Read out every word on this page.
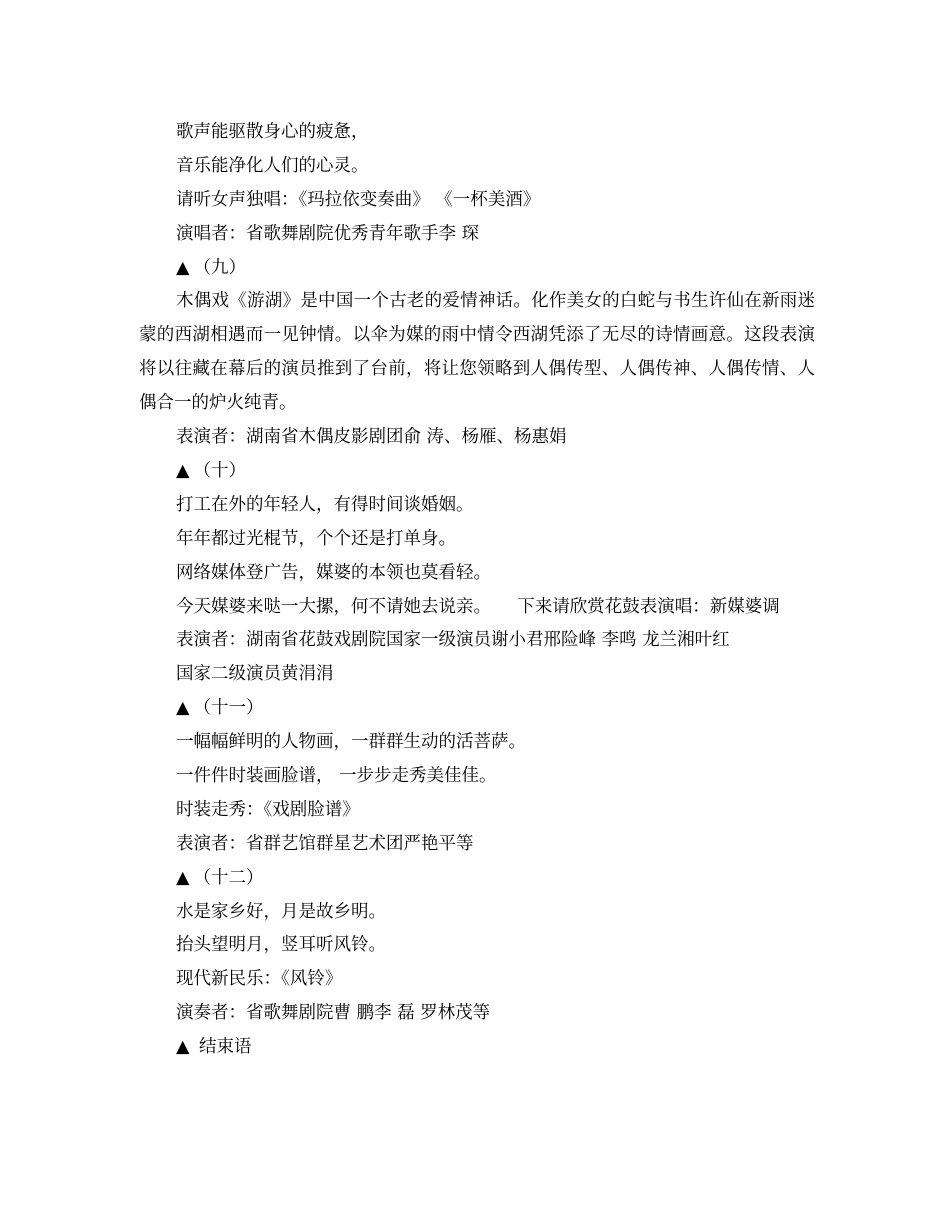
歌声能驱散身心的疲惫，
音乐能净化人们的心灵。
请听女声独唱：《玛拉依变奏曲》 《一杯美酒》
演唱者：省歌舞剧院优秀青年歌手李 琛
▲ （九）

木偶戏《游湖》是中国一个古老的爱情神话。化作美女的白蛇与书生许仙在新雨迷蒙的西湖相遇而一见钟情。以伞为媒的雨中情令西湖凭添了无尽的诗情画意。这段表演将以往藏在幕后的演员推到了台前，将让您领略到人偶传型、人偶传神、人偶传情、人偶合一的炉火纯青。

表演者：湖南省木偶皮影剧团俞 涛、杨雁、杨惠娟
▲ （十）
打工在外的年轻人，有得时间谈婚姻。
年年都过光棍节，个个还是打单身。
网络媒体登广告，媒婆的本领也莫看轻。

今天媒婆来哒一大摞，何不请她去说亲。　　下来请欣赏花鼓表演唱：新媒婆调

表演者：湖南省花鼓戏剧院国家一级演员谢小君邢险峰 李鸣 龙兰湘叶红
国家二级演员黄涓涓
▲ （十一）
一幅幅鲜明的人物画，一群群生动的活菩萨。
一件件时装画脸谱， 一步步走秀美佳佳。
时装走秀：《戏剧脸谱》
表演者：省群艺馆群星艺术团严艳平等
▲ （十二）
水是家乡好，月是故乡明。
抬头望明月，竖耳听风铃。
现代新民乐：《风铃》
演奏者：省歌舞剧院曹 鹏李 磊 罗林茂等
▲ 结束语
